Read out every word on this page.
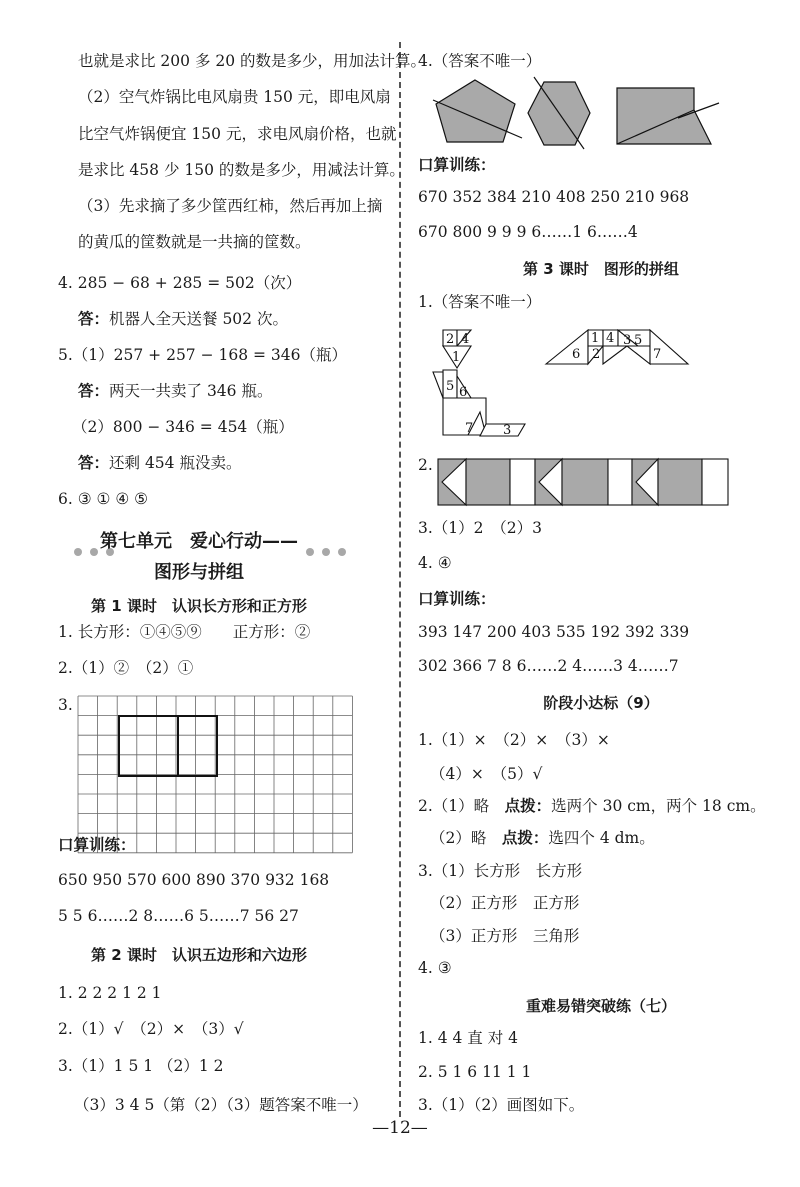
也就是求比 200 多 20 的数是多少，用加法计算。
（2）空气炸锅比电风扇贵 150 元，即电风扇
比空气炸锅便宜 150 元，求电风扇价格，也就
是求比 458 少 150 的数是多少，用减法计算。
（3）先求摘了多少筐西红柿，然后再加上摘
的黄瓜的筐数就是一共摘的筐数。
4. 285 − 68 + 285 = 502（次）
答：机器人全天送餐 502 次。
5.（1）257 + 257 − 168 = 346（瓶）
答：两天一共卖了 346 瓶。
（2）800 − 346 = 454（瓶）
答：还剩 454 瓶没卖。
6. ③ ① ④ ⑤
第七单元　爱心行动——
图形与拼组
第 1 课时　认识长方形和正方形
1. 长方形：①④⑤⑨　　正方形：②
2.（1）②　（2）①
3.
口算训练：
650 950 570 600 890 370 932 168
5 5 6……2 8……6 5……7 56 27
第 2 课时　认识五边形和六边形
1. 2 2 2 1 2 1
2.（1）√　（2）×　（3）√
3.（1）1 5 1 （2）1 2
（3）3 4 5（第（2）（3）题答案不唯一）
4.（答案不唯一）
口算训练：
670 352 384 210 408 250 210 968
670 800 9 9 9 6……1 6……4
第 3 课时　图形的拼组
1.（答案不唯一）
2 4
1
5 6
7 3
1 4 3
6 2
5
7
2.
3.（1）2　（2）3
4. ④
口算训练：
393 147 200 403 535 192 392 339
302 366 7 8 6……2 4……3 4……7
阶段小达标（9）
1.（1）×　（2）×　（3）×
（4）×　（5）√
2.（1）略　点拨：选两个 30 cm，两个 18 cm。
（2）略　点拨：选四个 4 dm。
3.（1）长方形　长方形
（2）正方形　正方形
（3）正方形　三角形
4. ③
重难易错突破练（七）
1. 4 4 直 对 4
2. 5 1 6 11 1 1
3.（1）（2）画图如下。
—12—
